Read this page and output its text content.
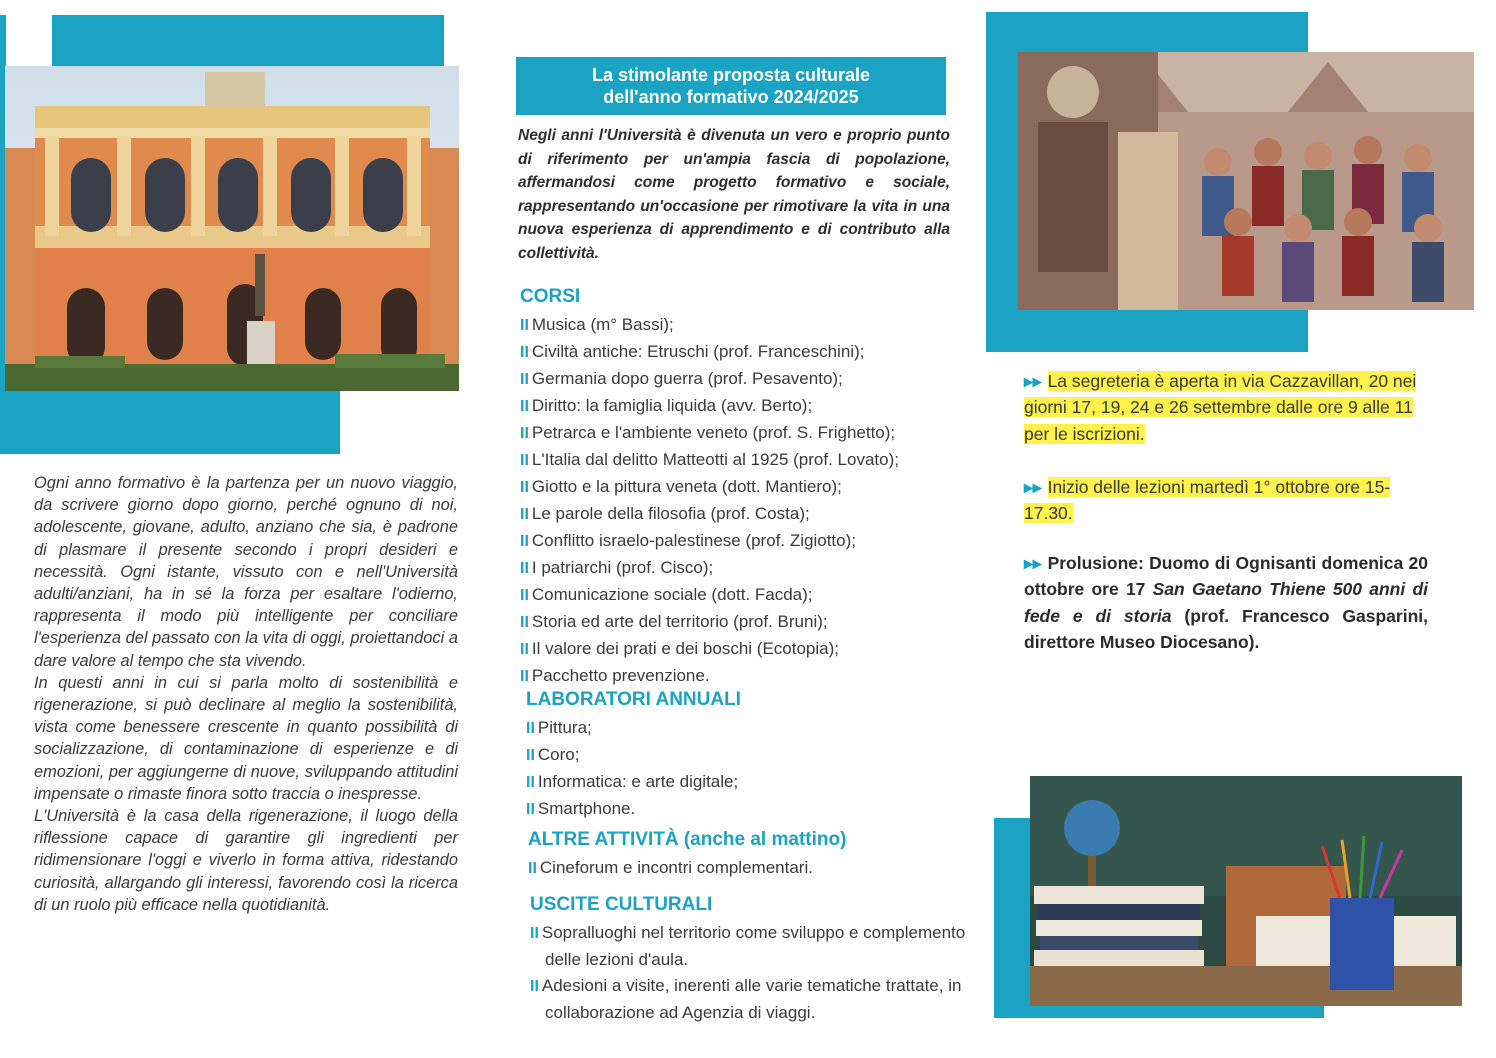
Ogni anno formativo è la partenza per un nuovo viaggio, da scrivere giorno dopo giorno, perché ognuno di noi, adolescente, giovane, adulto, anziano che sia, è padrone di plasmare il presente secondo i propri desideri e necessità. Ogni istante, vissuto con e nell'Università adulti/anziani, ha in sé la forza per esaltare l'odierno, rappresenta il modo più intelligente per conciliare l'esperienza del passato con la vita di oggi, proiettandoci a dare valore al tempo che sta vivendo.

In questi anni in cui si parla molto di sostenibilità e rigenerazione, si può declinare al meglio la sostenibilità, vista come benessere crescente in quanto possibilità di socializzazione, di contaminazione di esperienze e di emozioni, per aggiungerne di nuove, sviluppando attitudini impensate o rimaste finora sotto traccia o inespresse.

L'Università è la casa della rigenerazione, il luogo della riflessione capace di garantire gli ingredienti per ridimensionare l'oggi e viverlo in forma attiva, ridestando curiosità, allargando gli interessi, favorendo così la ricerca di un ruolo più efficace nella quotidianità.

La stimolante proposta culturale
dell'anno formativo 2024/2025
Negli anni l'Università è divenuta un vero e proprio punto di riferimento per un'ampia fascia di popolazione, affermandosi come progetto formativo e sociale, rappresentando un'occasione per rimotivare la vita in una nuova esperienza di apprendimento e di contributo alla collettività.
CORSI
II Musica (m° Bassi);
II Civiltà antiche: Etruschi (prof. Franceschini);
II Germania dopo guerra (prof. Pesavento);
II Diritto: la famiglia liquida (avv. Berto);
II Petrarca e l'ambiente veneto (prof. S. Frighetto);
II L'Italia dal delitto Matteotti al 1925 (prof. Lovato);
II Giotto e la pittura veneta (dott. Mantiero);
II Le parole della filosofia (prof. Costa);
II Conflitto israelo-palestinese (prof. Zigiotto);
II I patriarchi (prof. Cisco);
II Comunicazione sociale (dott. Facda);
II Storia ed arte del territorio (prof. Bruni);
II Il valore dei prati e dei boschi (Ecotopia);
II Pacchetto prevenzione.
LABORATORI ANNUALI
II Pittura;
II Coro;
II Informatica: e arte digitale;
II Smartphone.
ALTRE ATTIVITÀ (anche al mattino)
II Cineforum e incontri complementari.
USCITE CULTURALI
II Sopralluoghi nel territorio come sviluppo e complemento delle lezioni d'aula.
II Adesioni a visite, inerenti alle varie tematiche trattate, in collaborazione ad Agenzia di viaggi.
▸▸ La segreteria è aperta in via Cazzavillan, 20 nei giorni 17, 19, 24 e 26 settembre dalle ore 9 alle 11 per le iscrizioni.
▸▸ Inizio delle lezioni martedì 1° ottobre ore 15-17.30.
▸▸ Prolusione: Duomo di Ognisanti domenica 20 ottobre ore 17 San Gaetano Thiene 500 anni di fede e di storia (prof. Francesco Gasparini, direttore Museo Diocesano).
